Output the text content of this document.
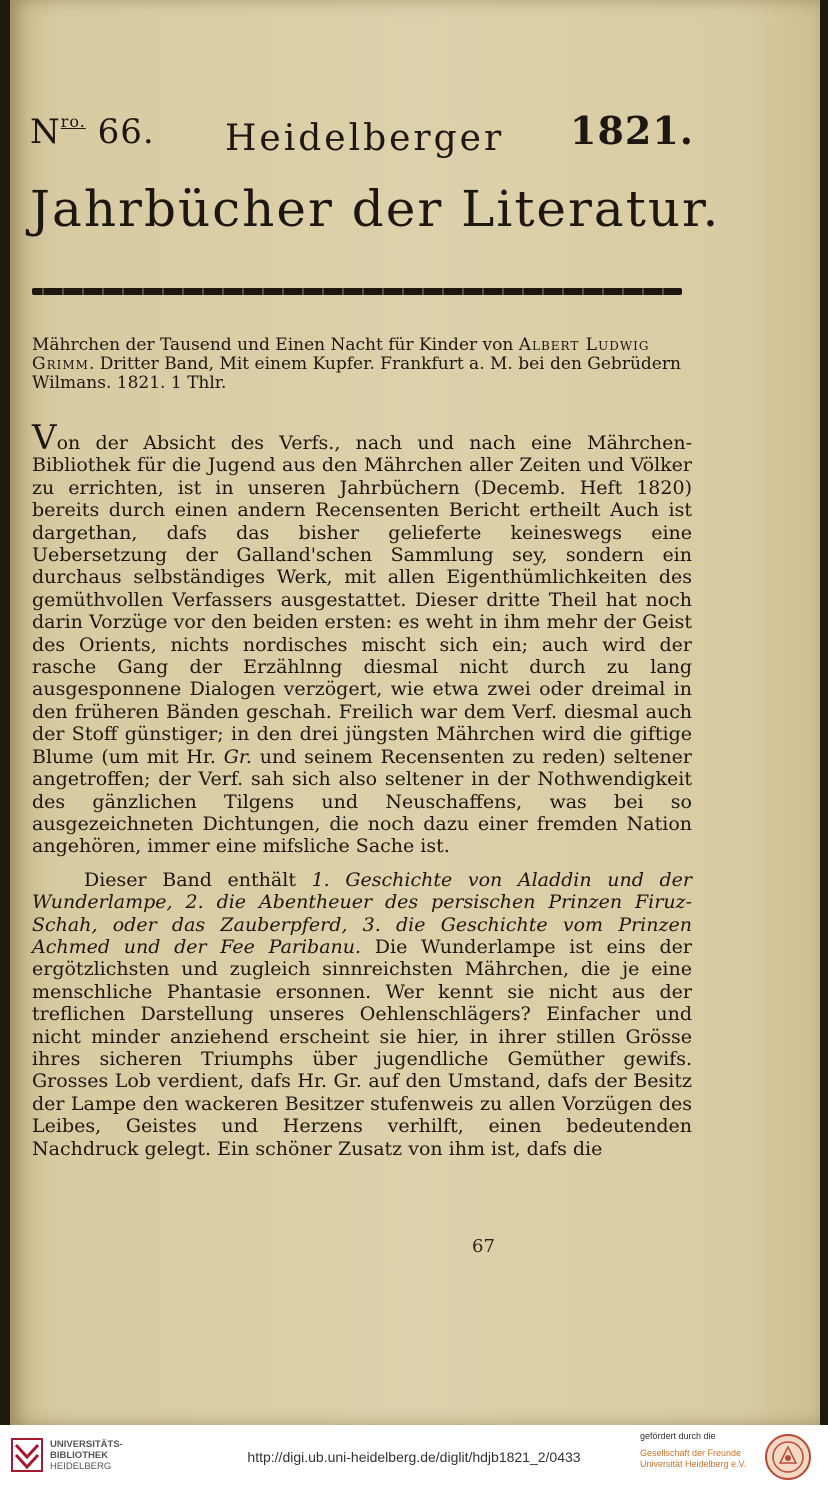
$N^{ro.}$ 66. Heidelberger 1821.
Jahrbücher der Literatur.
Mährchen der Tausend und Einen Nacht für Kinder von Albert Ludwig Grimm. Dritter Band, Mit einem Kupfer. Frankfurt a. M. bei den Gebrüdern Wilmans. 1821. 1 Thlr.

Von der Absicht des Verfs., nach und nach eine Mährchen-Bibliothek für die Jugend aus den Mährchen aller Zeiten und Völker zu errichten, ist in unseren Jahrbüchern (Decemb. Heft 1820) bereits durch einen andern Recensenten Bericht ertheilt Auch ist dargethan, dafs das bisher gelieferte keineswegs eine Uebersetzung der Galland'schen Sammlung sey, sondern ein durchaus selbständiges Werk, mit allen Eigenthümlichkeiten des gemüthvollen Verfassers ausgestattet. Dieser dritte Theil hat noch darin Vorzüge vor den beiden ersten: es weht in ihm mehr der Geist des Orients, nichts nordisches mischt sich ein; auch wird der rasche Gang der Erzählnng diesmal nicht durch zu lang ausgesponnene Dialogen verzögert, wie etwa zwei oder dreimal in den früheren Bänden geschah. Freilich war dem Verf. diesmal auch der Stoff günstiger; in den drei jüngsten Mährchen wird die giftige Blume (um mit Hr. Gr. und seinem Recensenten zu reden) seltener angetroffen; der Verf. sah sich also seltener in der Nothwendigkeit des gänzlichen Tilgens und Neuschaffens, was bei so ausgezeichneten Dichtungen, die noch dazu einer fremden Nation angehören, immer eine mifsliche Sache ist.

Dieser Band enthält 1. Geschichte von Aladdin und der Wunderlampe, 2. die Abentheuer des persischen Prinzen Firuz-Schah, oder das Zauberpferd, 3. die Geschichte vom Prinzen Achmed und der Fee Paribanu. Die Wunderlampe ist eins der ergötzlichsten und zugleich sinnreichsten Mährchen, die je eine menschliche Phantasie ersonnen. Wer kennt sie nicht aus der treflichen Darstellung unseres Oehlenschlägers? Einfacher und nicht minder anziehend erscheint sie hier, in ihrer stillen Grösse ihres sicheren Triumphs über jugendliche Gemüther gewifs. Grosses Lob verdient, dafs Hr. Gr. auf den Umstand, dafs der Besitz der Lampe den wackeren Besitzer stufenweis zu allen Vorzügen des Leibes, Geistes und Herzens verhilft, einen bedeutenden Nachdruck gelegt. Ein schöner Zusatz von ihm ist, dafs die

67
UNIVERSITÄTS-
BIBLIOTHEK
HEIDELBERG
http://digi.ub.uni-heidelberg.de/diglit/hdjb1821_2/0433
gefördert durch die
Gesellschaft der Freunde
Universität Heidelberg e.V.
